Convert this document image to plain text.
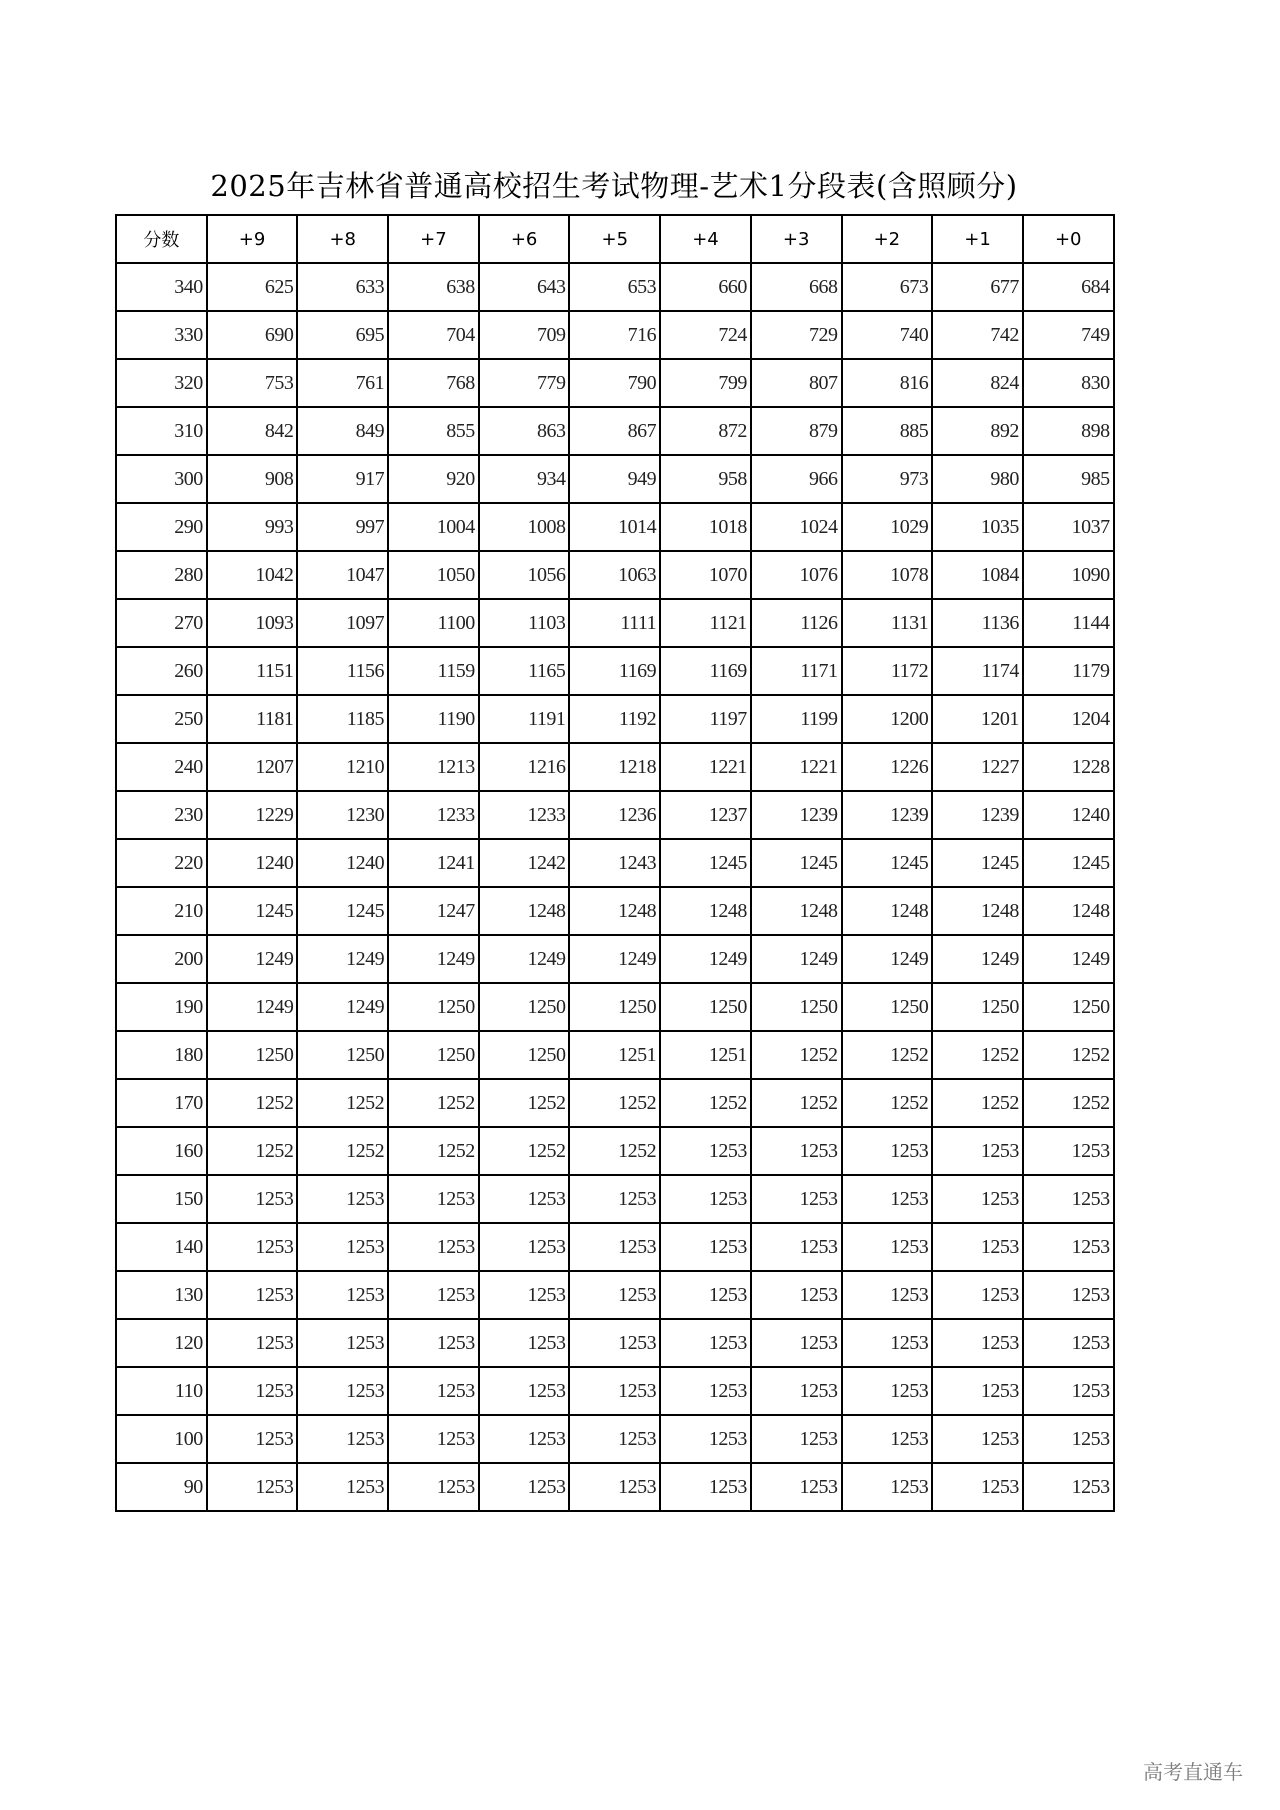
2025年吉林省普通高校招生考试物理-艺术1分段表(含照顾分)
分数	+9	+8	+7	+6	+5	+4	+3	+2	+1	+0
340	625	633	638	643	653	660	668	673	677	684
330	690	695	704	709	716	724	729	740	742	749
320	753	761	768	779	790	799	807	816	824	830
310	842	849	855	863	867	872	879	885	892	898
300	908	917	920	934	949	958	966	973	980	985
290	993	997	1004	1008	1014	1018	1024	1029	1035	1037
280	1042	1047	1050	1056	1063	1070	1076	1078	1084	1090
270	1093	1097	1100	1103	1111	1121	1126	1131	1136	1144
260	1151	1156	1159	1165	1169	1169	1171	1172	1174	1179
250	1181	1185	1190	1191	1192	1197	1199	1200	1201	1204
240	1207	1210	1213	1216	1218	1221	1221	1226	1227	1228
230	1229	1230	1233	1233	1236	1237	1239	1239	1239	1240
220	1240	1240	1241	1242	1243	1245	1245	1245	1245	1245
210	1245	1245	1247	1248	1248	1248	1248	1248	1248	1248
200	1249	1249	1249	1249	1249	1249	1249	1249	1249	1249
190	1249	1249	1250	1250	1250	1250	1250	1250	1250	1250
180	1250	1250	1250	1250	1251	1251	1252	1252	1252	1252
170	1252	1252	1252	1252	1252	1252	1252	1252	1252	1252
160	1252	1252	1252	1252	1252	1253	1253	1253	1253	1253
150	1253	1253	1253	1253	1253	1253	1253	1253	1253	1253
140	1253	1253	1253	1253	1253	1253	1253	1253	1253	1253
130	1253	1253	1253	1253	1253	1253	1253	1253	1253	1253
120	1253	1253	1253	1253	1253	1253	1253	1253	1253	1253
110	1253	1253	1253	1253	1253	1253	1253	1253	1253	1253
100	1253	1253	1253	1253	1253	1253	1253	1253	1253	1253
90	1253	1253	1253	1253	1253	1253	1253	1253	1253	1253
高考直通车
